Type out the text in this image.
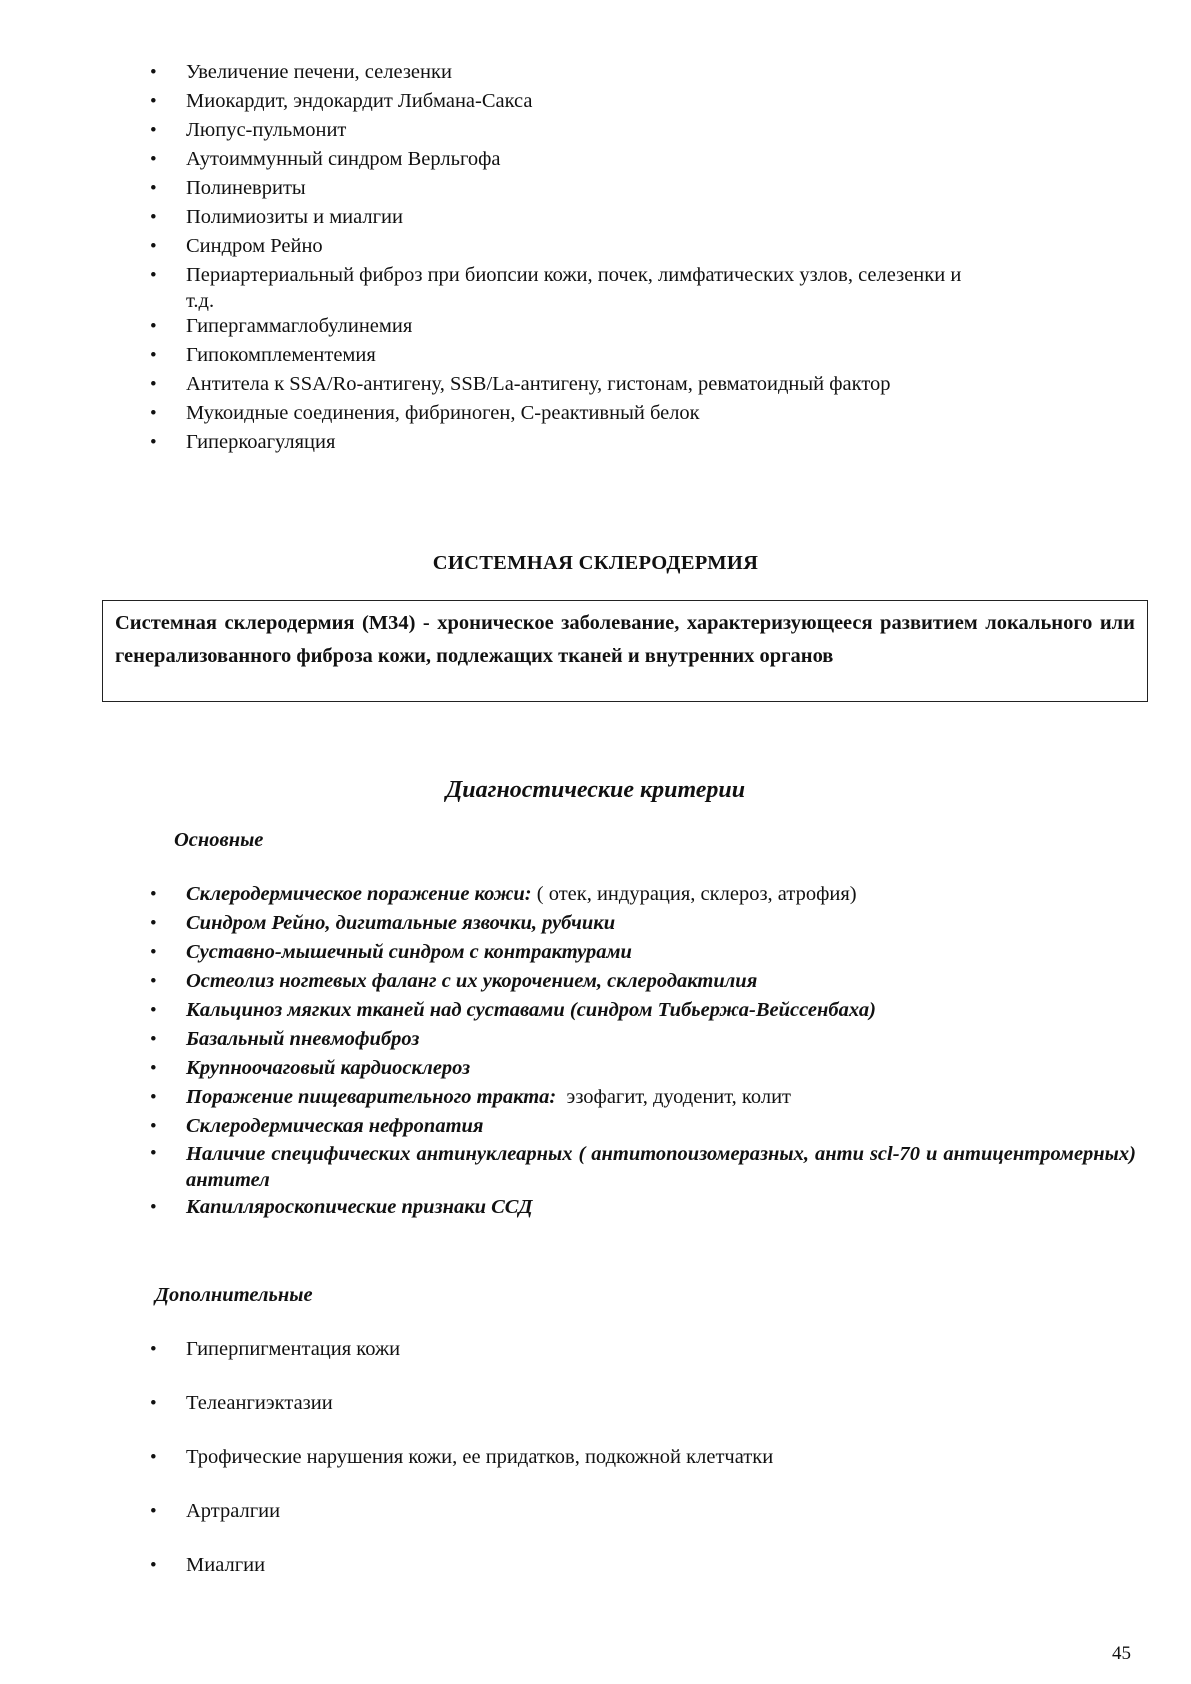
•	Увеличение печени, селезенки
•	Миокардит, эндокардит Либмана-Сакса
•	Люпус-пульмонит
•	Аутоиммунный синдром Верльгофа
•	Полиневриты
•	Полимиозиты и миалгии
•	Синдром Рейно
•	Периартериальный фиброз при биопсии кожи, почек, лимфатических узлов, селезенки и
т.д.
•	Гипергаммаглобулинемия
•	Гипокомплементемия
•	Антитела к SSA/Ro-антигену, SSB/La-антигену, гистонам, ревматоидный фактор
•	Мукоидные соединения, фибриноген, С-реактивный белок
•	Гиперкоагуляция
СИСТЕМНАЯ СКЛЕРОДЕРМИЯ
Системная склеродермия (М34) - хроническое заболевание, характеризующееся развитием локального или генерализованного фиброза кожи, подлежащих тканей и внутренних органов
Диагностические критерии
Основные
•	Склеродермическое поражение кожи: ( отек, индурация, склероз, атрофия)
•	Синдром Рейно, дигитальные язвочки, рубчики
•	Суставно-мышечный синдром с контрактурами
•	Остеолиз ногтевых фаланг с их укорочением, склеродактилия
•	Кальциноз мягких тканей над суставами (синдром Тибьержа-Вейссенбаха)
•	Базальный пневмофиброз
•	Крупноочаговый кардиосклероз
•	Поражение пищеварительного тракта:  эзофагит, дуоденит, колит
•	Склеродермическая нефропатия
•	Наличие специфических антинуклеарных ( антитопоизомеразных, анти scl-70 и антицентромерных) антител
•	Капилляроскопические признаки ССД
Дополнительные
•	Гиперпигментация кожи
•	Телеангиэктазии
•	Трофические нарушения кожи, ее придатков, подкожной клетчатки
•	Артралгии
•	Миалгии
45
